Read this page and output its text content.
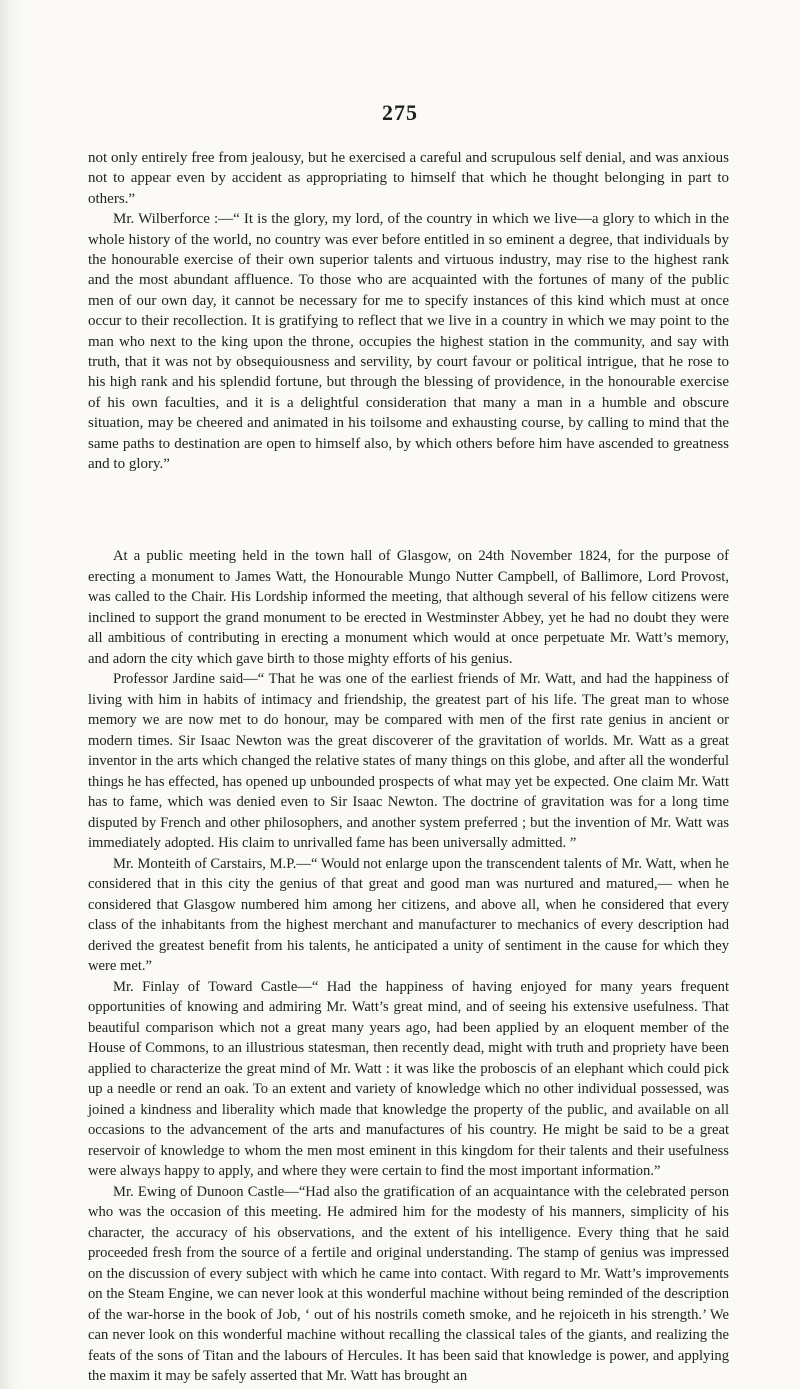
275

not only entirely free from jealousy, but he exercised a careful and scrupulous self denial, and was anxious not to appear even by accident as appropriating to himself that which he thought belonging in part to others.”

Mr. Wilberforce :—“ It is the glory, my lord, of the country in which we live—a glory to which in the whole history of the world, no country was ever before entitled in so eminent a degree, that individuals by the honourable exercise of their own superior talents and virtuous industry, may rise to the highest rank and the most abundant affluence. To those who are acquainted with the fortunes of many of the public men of our own day, it cannot be necessary for me to specify instances of this kind which must at once occur to their recollection. It is gratifying to reflect that we live in a country in which we may point to the man who next to the king upon the throne, occupies the highest station in the community, and say with truth, that it was not by obsequiousness and servility, by court favour or political intrigue, that he rose to his high rank and his splendid fortune, but through the blessing of providence, in the honourable exercise of his own faculties, and it is a delightful consideration that many a man in a humble and obscure situation, may be cheered and animated in his toilsome and exhausting course, by calling to mind that the same paths to destination are open to himself also, by which others before him have ascended to greatness and to glory.”

At a public meeting held in the town hall of Glasgow, on 24th November 1824, for the purpose of erecting a monument to James Watt, the Honourable Mungo Nutter Campbell, of Ballimore, Lord Provost, was called to the Chair. His Lordship informed the meeting, that although several of his fellow citizens were inclined to support the grand monument to be erected in Westminster Abbey, yet he had no doubt they were all ambitious of contributing in erecting a monument which would at once perpetuate Mr. Watt’s memory, and adorn the city which gave birth to those mighty efforts of his genius.

Professor Jardine said—“ That he was one of the earliest friends of Mr. Watt, and had the happiness of living with him in habits of intimacy and friendship, the greatest part of his life. The great man to whose memory we are now met to do honour, may be compared with men of the first rate genius in ancient or modern times. Sir Isaac Newton was the great discoverer of the gravitation of worlds. Mr. Watt as a great inventor in the arts which changed the relative states of many things on this globe, and after all the wonderful things he has effected, has opened up unbounded prospects of what may yet be expected. One claim Mr. Watt has to fame, which was denied even to Sir Isaac Newton. The doctrine of gravitation was for a long time disputed by French and other philosophers, and another system preferred ; but the invention of Mr. Watt was immediately adopted. His claim to unrivalled fame has been universally admitted. ”

Mr. Monteith of Carstairs, M.P.—“ Would not enlarge upon the transcendent talents of Mr. Watt, when he considered that in this city the genius of that great and good man was nurtured and matured,— when he considered that Glasgow numbered him among her citizens, and above all, when he considered that every class of the inhabitants from the highest merchant and manufacturer to mechanics of every description had derived the greatest benefit from his talents, he anticipated a unity of sentiment in the cause for which they were met.”

Mr. Finlay of Toward Castle—“ Had the happiness of having enjoyed for many years frequent opportunities of knowing and admiring Mr. Watt’s great mind, and of seeing his extensive usefulness. That beautiful comparison which not a great many years ago, had been applied by an eloquent member of the House of Commons, to an illustrious statesman, then recently dead, might with truth and propriety have been applied to characterize the great mind of Mr. Watt : it was like the proboscis of an elephant which could pick up a needle or rend an oak. To an extent and variety of knowledge which no other individual possessed, was joined a kindness and liberality which made that knowledge the property of the public, and available on all occasions to the advancement of the arts and manufactures of his country. He might be said to be a great reservoir of knowledge to whom the men most eminent in this kingdom for their talents and their usefulness were always happy to apply, and where they were certain to find the most important information.”

Mr. Ewing of Dunoon Castle—“Had also the gratification of an acquaintance with the celebrated person who was the occasion of this meeting. He admired him for the modesty of his manners, simplicity of his character, the accuracy of his observations, and the extent of his intelligence. Every thing that he said proceeded fresh from the source of a fertile and original understanding. The stamp of genius was impressed on the discussion of every subject with which he came into contact. With regard to Mr. Watt’s improvements on the Steam Engine, we can never look at this wonderful machine without being reminded of the description of the war-horse in the book of Job, ‘ out of his nostrils cometh smoke, and he rejoiceth in his strength.’ We can never look on this wonderful machine without recalling the classical tales of the giants, and realizing the feats of the sons of Titan and the labours of Hercules. It has been said that knowledge is power, and applying the maxim it may be safely asserted that Mr. Watt has brought an
